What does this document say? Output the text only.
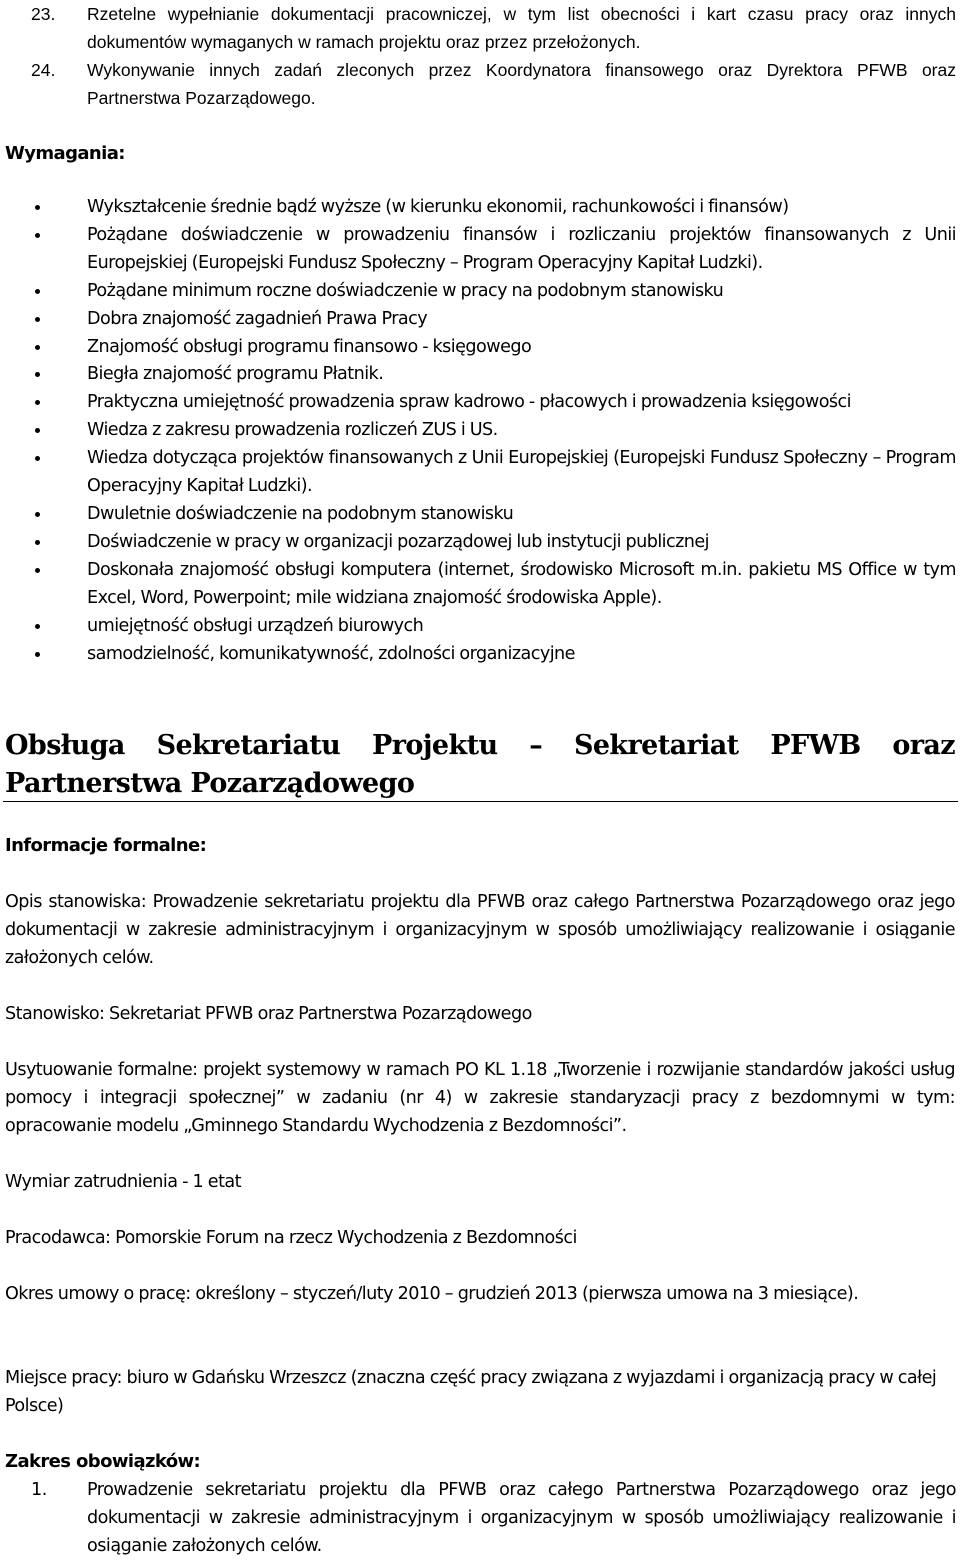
23. Rzetelne wypełnianie dokumentacji pracowniczej, w tym list obecności i kart czasu pracy oraz innych dokumentów wymaganych w ramach projektu oraz przez przełożonych.
24. Wykonywanie innych zadań zleconych przez Koordynatora finansowego oraz Dyrektora PFWB oraz Partnerstwa Pozarządowego.
Wymagania:
Wykształcenie średnie bądź wyższe (w kierunku ekonomii, rachunkowości i finansów)
Pożądane doświadczenie w prowadzeniu finansów i rozliczaniu projektów finansowanych z Unii Europejskiej (Europejski Fundusz Społeczny – Program Operacyjny Kapitał Ludzki).
Pożądane minimum roczne doświadczenie w pracy na podobnym stanowisku
Dobra znajomość zagadnień Prawa Pracy
Znajomość obsługi programu finansowo - księgowego
Biegła znajomość programu Płatnik.
Praktyczna umiejętność prowadzenia spraw kadrowo - płacowych i prowadzenia księgowości
Wiedza z zakresu prowadzenia rozliczeń ZUS i US.
Wiedza dotycząca projektów finansowanych z Unii Europejskiej (Europejski Fundusz Społeczny – Program Operacyjny Kapitał Ludzki).
Dwuletnie doświadczenie na podobnym stanowisku
Doświadczenie w pracy w organizacji pozarządowej lub instytucji publicznej
Doskonała znajomość obsługi komputera (internet, środowisko Microsoft m.in. pakietu MS Office w tym Excel, Word, Powerpoint; mile widziana znajomość środowiska Apple).
umiejętność obsługi urządzeń biurowych
samodzielność, komunikatywność, zdolności organizacyjne
Obsługa Sekretariatu Projektu – Sekretariat PFWB oraz Partnerstwa Pozarządowego
Informacje formalne:

Opis stanowiska: Prowadzenie sekretariatu projektu dla PFWB oraz całego Partnerstwa Pozarządowego oraz jego dokumentacji w zakresie administracyjnym i organizacyjnym w sposób umożliwiający realizowanie i osiąganie założonych celów.

Stanowisko: Sekretariat PFWB oraz Partnerstwa Pozarządowego

Usytuowanie formalne: projekt systemowy w ramach PO KL 1.18 „Tworzenie i rozwijanie standardów jakości usług pomocy i integracji społecznej” w zadaniu (nr 4) w zakresie standaryzacji pracy z bezdomnymi w tym: opracowanie modelu „Gminnego Standardu Wychodzenia z Bezdomności”.

Wymiar zatrudnienia - 1 etat

Pracodawca: Pomorskie Forum na rzecz Wychodzenia z Bezdomności

Okres umowy o pracę: określony – styczeń/luty 2010 – grudzień 2013 (pierwsza umowa na 3 miesiące).

Miejsce pracy: biuro w Gdańsku Wrzeszcz (znaczna część pracy związana z wyjazdami i organizacją pracy w całej Polsce)

Zakres obowiązków:
1. Prowadzenie sekretariatu projektu dla PFWB oraz całego Partnerstwa Pozarządowego oraz jego dokumentacji w zakresie administracyjnym i organizacyjnym w sposób umożliwiający realizowanie i osiąganie założonych celów.
